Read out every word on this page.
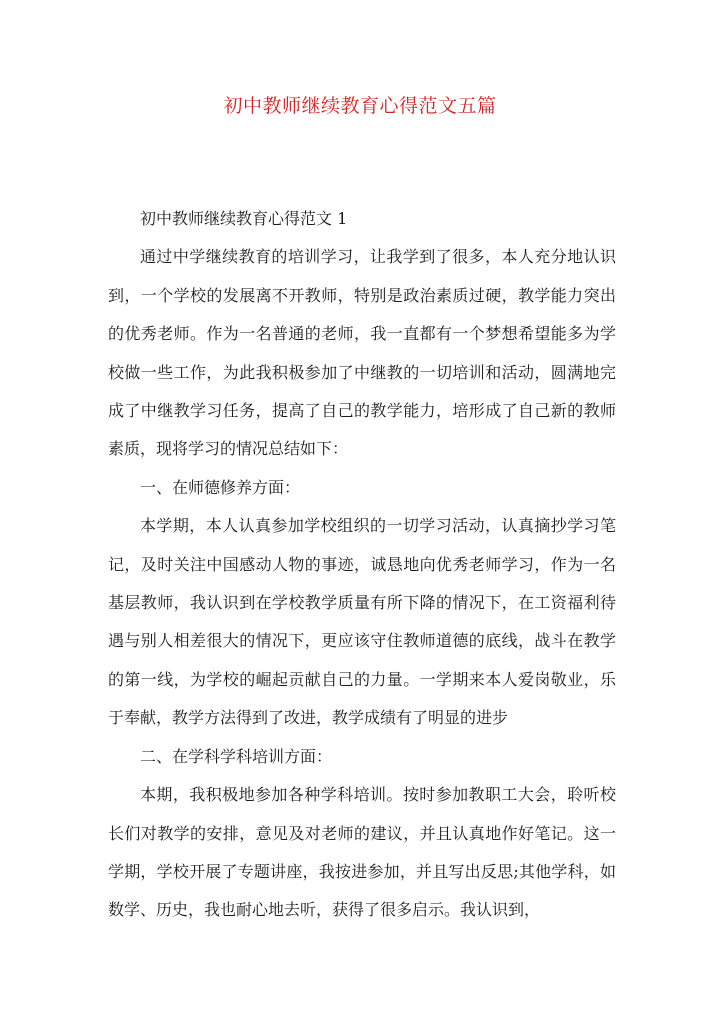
初中教师继续教育心得范文五篇

初中教师继续教育心得范文 1

通过中学继续教育的培训学习，让我学到了很多，本人充分地认识到，一个学校的发展离不开教师，特别是政治素质过硬，教学能力突出的优秀老师。作为一名普通的老师，我一直都有一个梦想希望能多为学校做一些工作，为此我积极参加了中继教的一切培训和活动，圆满地完成了中继教学习任务，提高了自己的教学能力，培形成了自己新的教师素质，现将学习的情况总结如下：

一、在师德修养方面：

本学期，本人认真参加学校组织的一切学习活动，认真摘抄学习笔记，及时关注中国感动人物的事迹，诚恳地向优秀老师学习，作为一名基层教师，我认识到在学校教学质量有所下降的情况下，在工资福利待遇与别人相差很大的情况下，更应该守住教师道德的底线，战斗在教学的第一线，为学校的崛起贡献自己的力量。一学期来本人爱岗敬业，乐于奉献，教学方法得到了改进，教学成绩有了明显的进步

二、在学科学科培训方面：

本期，我积极地参加各种学科培训。按时参加教职工大会，聆听校长们对教学的安排，意见及对老师的建议，并且认真地作好笔记。这一学期，学校开展了专题讲座，我按进参加，并且写出反思;其他学科，如数学、历史，我也耐心地去听，获得了很多启示。我认识到，
